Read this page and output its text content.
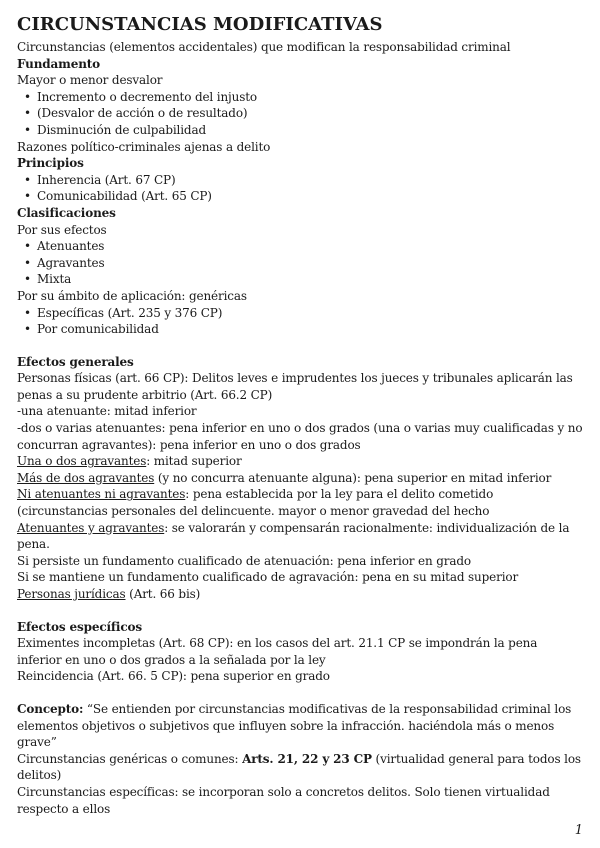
CIRCUNSTANCIAS MODIFICATIVAS

Circunstancias (elementos accidentales) que modifican la responsabilidad criminal

Fundamento

Mayor o menor desvalor

• Incremento o decremento del injusto
• (Desvalor de acción o de resultado)
• Disminución de culpabilidad

Razones político-criminales ajenas a delito

Principios

• Inherencia (Art. 67 CP)
• Comunicabilidad (Art. 65 CP)

Clasificaciones

Por sus efectos

• Atenuantes
• Agravantes
• Mixta

Por su ámbito de aplicación: genéricas

• Específicas (Art. 235 y 376 CP)
• Por comunicabilidad

Efectos generales

Personas físicas (art. 66 CP): Delitos leves e imprudentes los jueces y tribunales aplicarán las penas a su prudente arbitrio (Art. 66.2 CP)

-una atenuante: mitad inferior

-dos o varias atenuantes: pena inferior en uno o dos grados (una o varias muy cualificadas y no concurran agravantes): pena inferior en uno o dos grados

Una o dos agravantes: mitad superior

Más de dos agravantes (y no concurra atenuante alguna): pena superior en mitad inferior

Ni atenuantes ni agravantes: pena establecida por la ley para el delito cometido (circunstancias personales del delincuente. mayor o menor gravedad del hecho

Atenuantes y agravantes: se valorarán y compensarán racionalmente: individualización de la pena.

Si persiste un fundamento cualificado de atenuación: pena inferior en grado

Si se mantiene un fundamento cualificado de agravación: pena en su mitad superior

Personas jurídicas (Art. 66 bis)

Efectos específicos

Eximentes incompletas (Art. 68 CP): en los casos del art. 21.1 CP se impondrán la pena inferior en uno o dos grados a la señalada por la ley

Reincidencia (Art. 66. 5 CP): pena superior en grado

Concepto: “Se entienden por circunstancias modificativas de la responsabilidad criminal los elementos objetivos o subjetivos que influyen sobre la infracción. haciéndola más o menos grave”

Circunstancias genéricas o comunes: Arts. 21, 22 y 23 CP (virtualidad general para todos los delitos)

Circunstancias específicas: se incorporan solo a concretos delitos. Solo tienen virtualidad respecto a ellos

1
